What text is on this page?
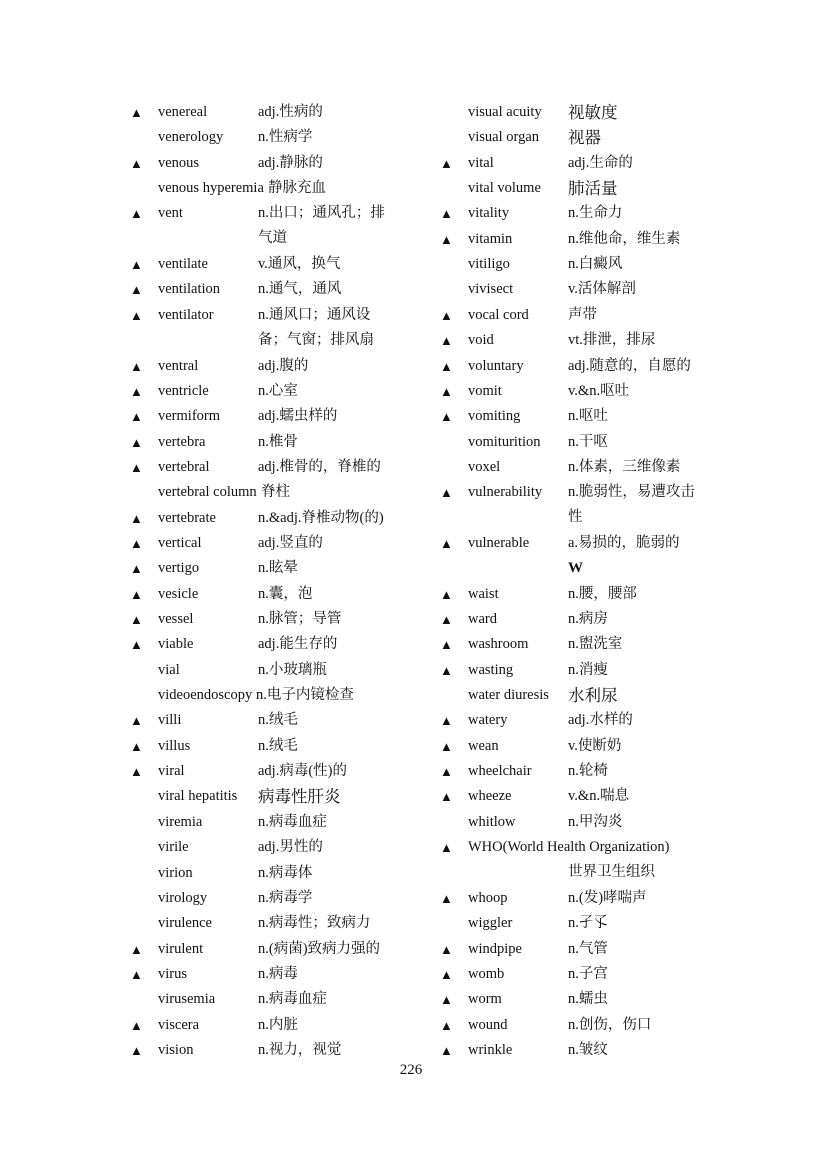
▲	venereal	adj.性病的
venerology n.性病学
▲	venous	adj.静脉的
venous hyperemia 静脉充血
▲	vent	n.出口；通风孔；排气道
▲	ventilate	v.通风，换气
▲	ventilation	n.通气，通风
▲	ventilator	n.通风口；通风设备；气窗；排风扇
▲	ventral	adj.腹的
▲	ventricle	n.心室
▲	vermiform	adj.蠕虫样的
▲	vertebra	n.椎骨
▲	vertebral	adj.椎骨的，脊椎的
vertebral column 脊柱
▲	vertebrate	n.&adj.脊椎动物(的)
▲	vertical	adj.竖直的
▲	vertigo	n.眩晕
▲	vesicle	n.囊，泡
▲	vessel	n.脉管；导管
▲	viable	adj.能生存的
vial	n.小玻璃瓶
videoendoscopy n.电子内镜检查
▲	villi	n.绒毛
▲	villus	n.绒毛
▲	viral	adj.病毒(性)的
viral hepatitis 病毒性肝炎
viremia	n.病毒血症
virile	adj.男性的
virion	n.病毒体
virology	n.病毒学
virulence	n.病毒性；致病力
▲	virulent	n.(病菌)致病力强的
▲	virus	n.病毒
virusemia	n.病毒血症
▲	viscera	n.内脏
▲	vision	n.视力，视觉
visual acuity 视敏度
visual organ 视器
▲	vital	adj.生命的
vital volume 肺活量
▲	vitality	n.生命力
▲	vitamin	n.维他命，维生素
vitiligo	n.白癜风
vivisect	v.活体解剖
▲	vocal cord	声带
▲	void	vt.排泄，排尿
▲	voluntary	adj.随意的，自愿的
▲	vomit	v.&n.呕吐
▲	vomiting	n.呕吐
vomiturition n.干呕
voxel	n.体素，三维像素
▲	vulnerability n.脆弱性，易遭攻击性
▲	vulnerable	a.易损的，脆弱的
W
▲	waist	n.腰，腰部
▲	ward	n.病房
▲	washroom	n.盥洗室
▲	wasting	n.消瘦
water diuresis 水利尿
▲	watery	adj.水样的
▲	wean	v.使断奶
▲	wheelchair	n.轮椅
▲	wheeze	v.&n.喘息
whitlow	n.甲沟炎
▲	WHO(World Health Organization)
世界卫生组织
▲	whoop	n.(发)哮喘声
wiggler	n.孑孓
▲	windpipe	n.气管
▲	womb	n.子宫
▲	worm	n.蠕虫
▲	wound	n.创伤，伤口
▲	wrinkle	n.皱纹
226
